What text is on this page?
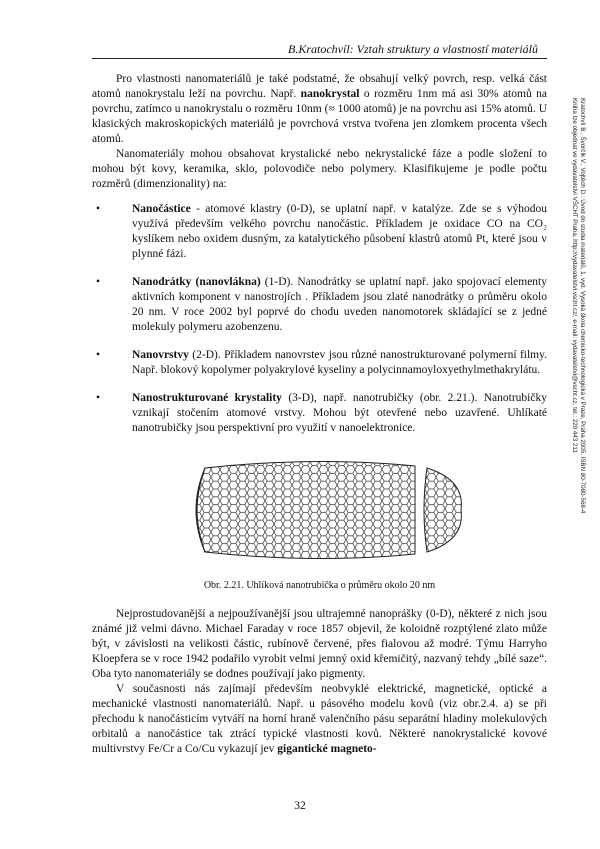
B.Kratochvíl: Vztah struktury a vlastností materiálů
Kratochvíl B., Švorčík V., Vojtěch D.: Úvod do studia materiálů, 1. vyd. Vysoká škola chemicko-technologická v Praze, Praha 2005, ISBN 80-7080-568-4
Kniha Ize objednat ve vydavatelství VŠCHT Praha, http://vydavatelstvi.vscht.cz/, e-mail: vydavatelstvi@vscht.cz, tel.: 220 443 211

Pro vlastnosti nanomateriálů je také podstatné, že obsahují velký povrch, resp. velká část atomů nanokrystalu leží na povrchu. Např. nanokrystal o rozměru 1nm má asi 30% atomů na povrchu, zatímco u nanokrystalu o rozměru 10nm (≈ 1000 atomů) je na povrchu asi 15% atomů. U klasických makroskopických materiálů je povrchová vrstva tvořena jen zlomkem procenta všech atomů.

Nanomateriály mohou obsahovat krystalické nebo nekrystalické fáze a podle složení to mohou být kovy, keramika, sklo, polovodiče nebo polymery. Klasifikujeme je podle počtu rozměrů (dimenzionality) na:

•	Nanočástice - atomové klastry (0-D), se uplatní např. v katalýze. Zde se s výhodou využívá především velkého povrchu nanočástic. Příkladem je oxidace CO na CO₂ kyslíkem nebo oxidem dusným, za katalytického působení klastrů atomů Pt, které jsou v plynné fázi.
•	Nanodrátky (nanovlákna) (1-D). Nanodrátky se uplatní např. jako spojovací elementy aktivních komponent v nanostrojích . Příkladem jsou zlaté nanodrátky o průměru okolo 20 nm. V roce 2002 byl poprvé do chodu uveden nanomotorek skládající se z jedné molekuly polymeru azobenzenu.
•	Nanovrstvy (2-D). Příkladem nanovrstev jsou různé nanostrukturované polymerní filmy. Např. blokový kopolymer polyakrylové kyseliny a polycinnamoyloxyethylmethakrylátu.
•	Nanostrukturované krystality (3-D), např. nanotrubičky (obr. 2.21.). Nanotrubičky vznikají stočením atomové vrstvy. Mohou být otevřené nebo uzavřené. Uhlíkaté nanotrubičky jsou perspektivní pro využití v nanoelektronice.
Obr. 2.21. Uhlíková nanotrubička o průměru okolo 20 nm

Nejprostudovanější a nejpoužívanější jsou ultrajemné nanoprášky (0-D), některé z nich jsou známé již velmi dávno. Michael Faraday v roce 1857 objevil, že koloidně rozptýlené zlato může být, v závislosti na velikosti částic, rubínově červené, přes fialovou až modré. Týmu Harryho Kloepfera se v roce 1942 podařilo vyrobit velmi jemný oxid křemičitý, nazvaný tehdy „bílé saze“. Oba tyto nanomateriály se dodnes používají jako pigmenty.

V současnosti nás zajímají především neobvyklé elektrické, magnetické, optické a mechanické vlastnosti nanomateriálů. Např. u pásového modelu kovů (viz obr.2.4. a) se při přechodu k nanočásticím vytváří na horní hraně valenčního pásu separátní hladiny molekulových orbitalů a nanočástice tak ztrácí typické vlastnosti kovů. Některé nanokrystalické kovové multivrstvy Fe/Cr a Co/Cu vykazují jev gigantické magneto-

32
